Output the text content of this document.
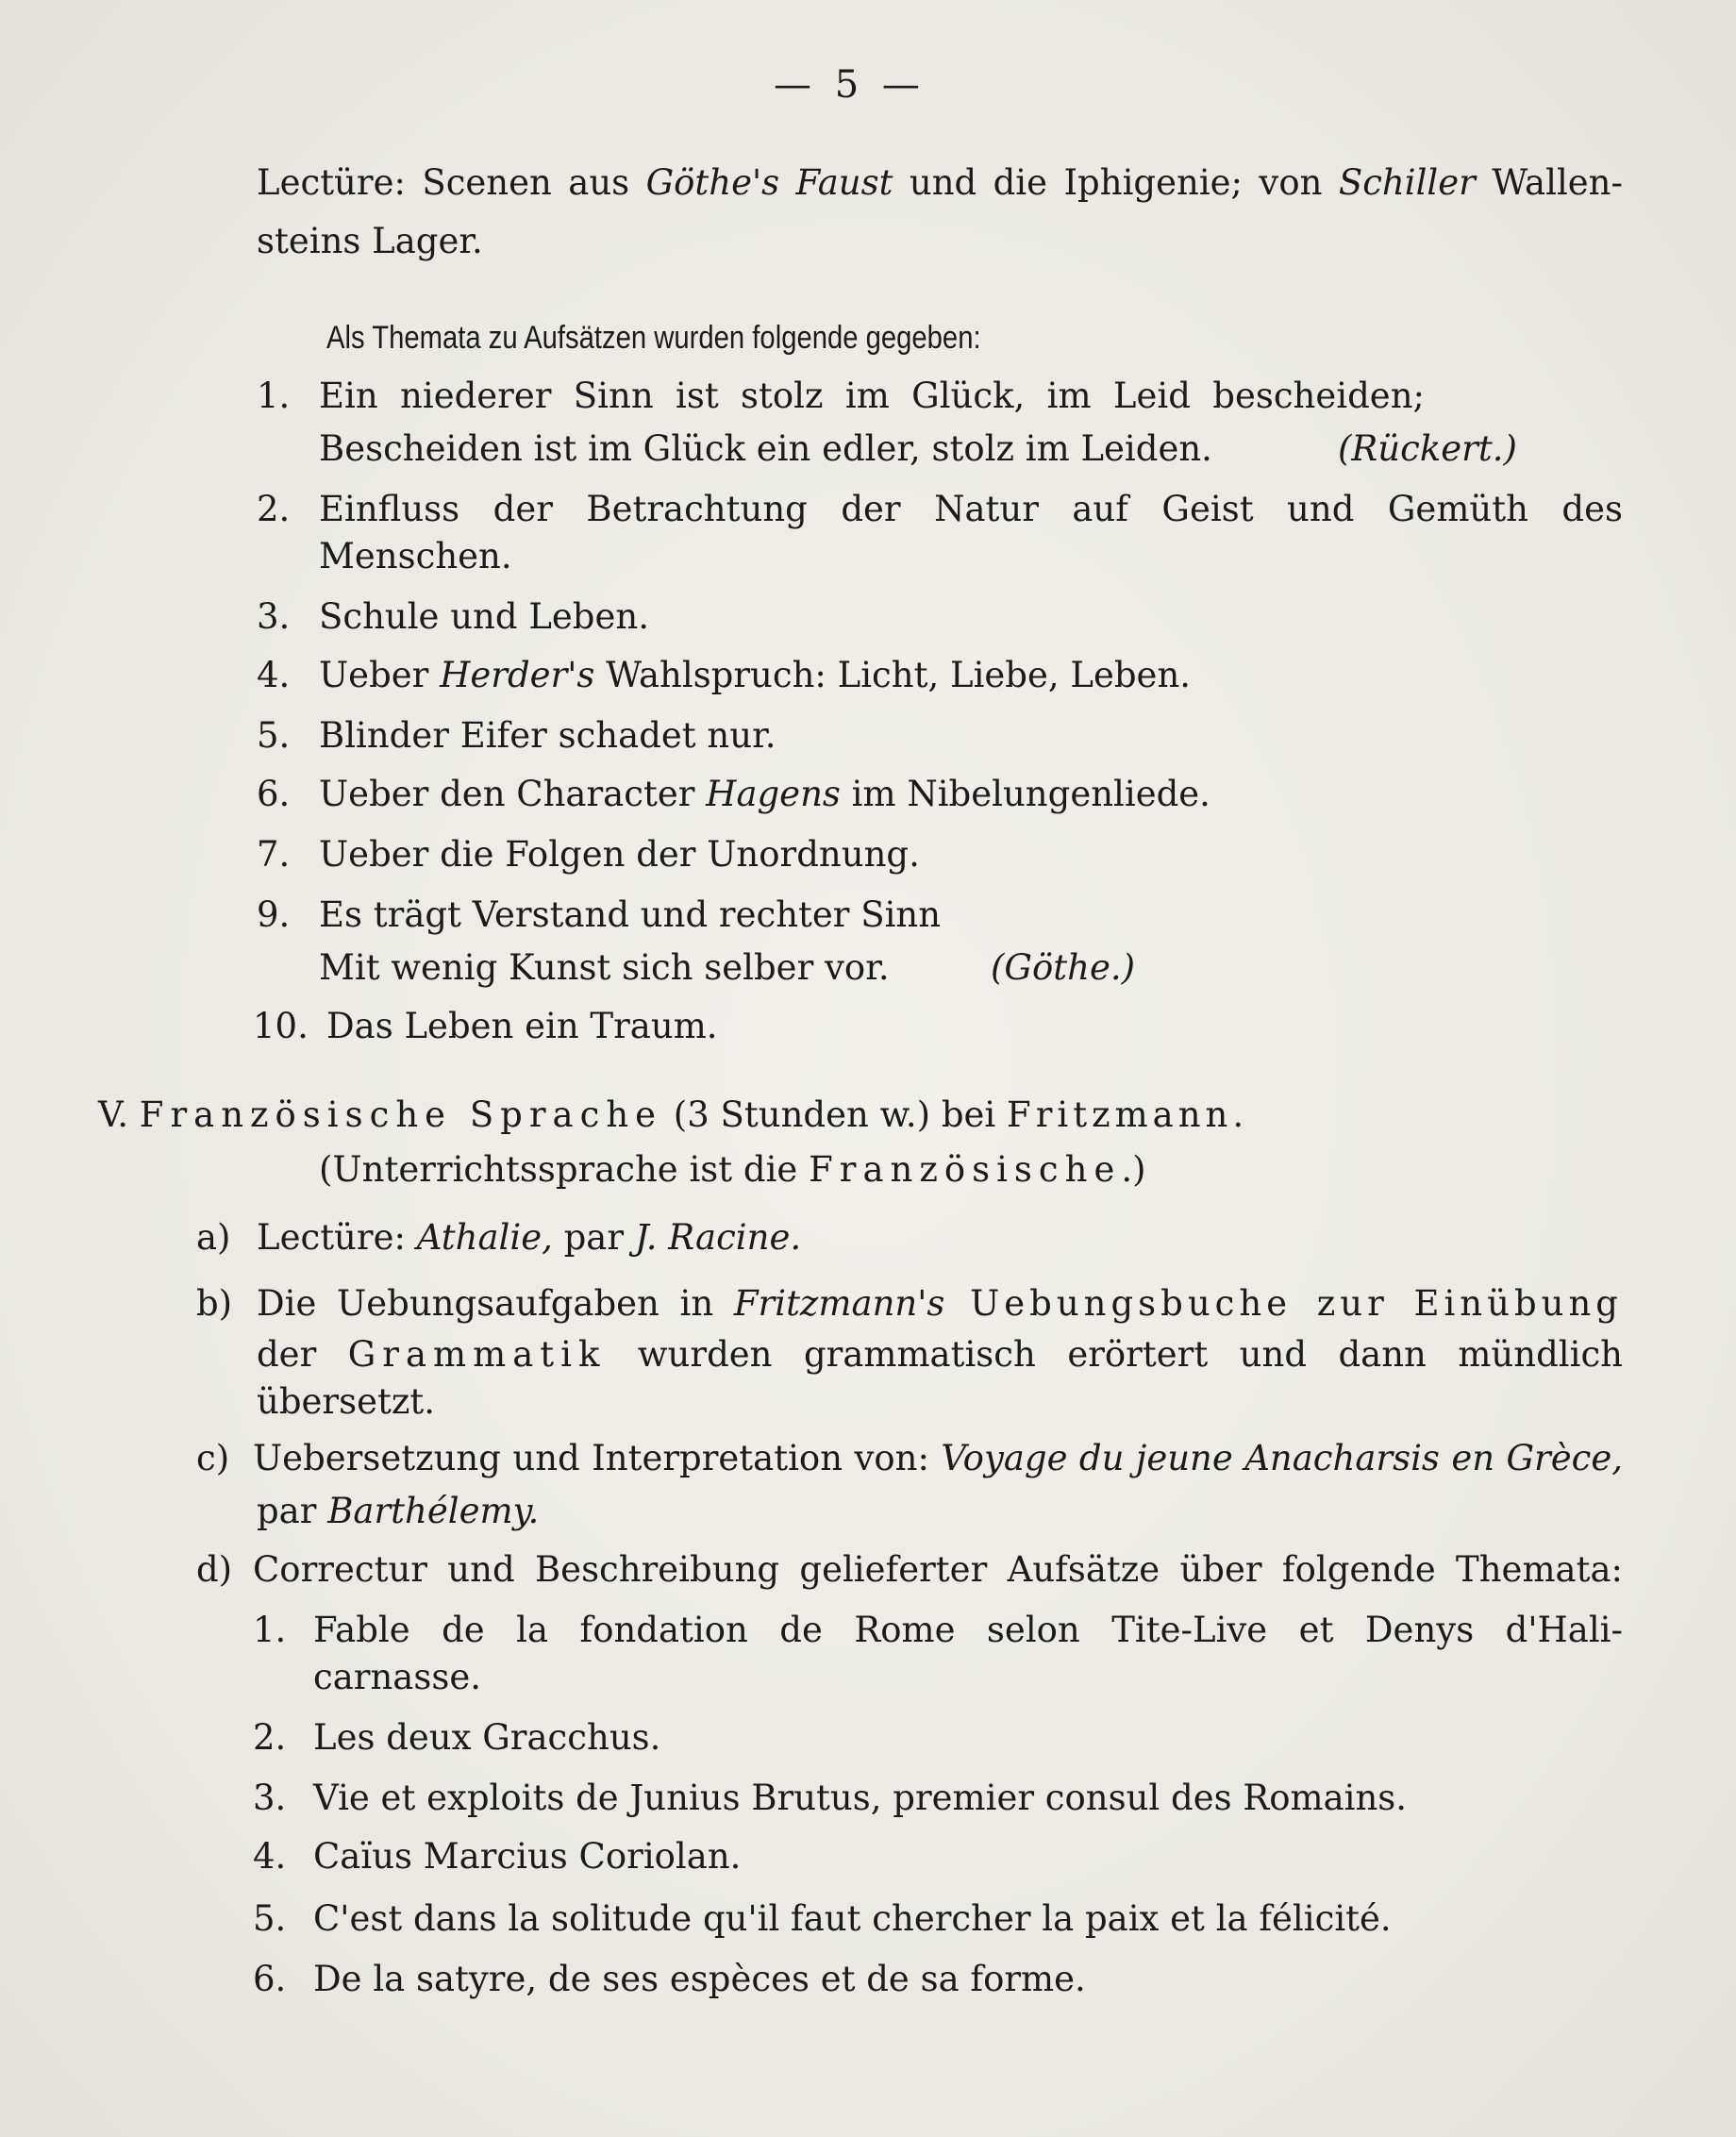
— 5 —
Lectüre: Scenen aus Göthe's Faust und die Iphigenie; von Schiller Wallen-
steins Lager.
Als Themata zu Aufsätzen wurden folgende gegeben:
1. Ein niederer Sinn ist stolz im Glück, im Leid bescheiden;
Bescheiden ist im Glück ein edler, stolz im Leiden.	(Rückert.)
2. Einfluss der Betrachtung der Natur auf Geist und Gemüth des
Menschen.
3. Schule und Leben.
4. Ueber Herder's Wahlspruch: Licht, Liebe, Leben.
5. Blinder Eifer schadet nur.
6. Ueber den Character Hagens im Nibelungenliede.
7. Ueber die Folgen der Unordnung.
9. Es trägt Verstand und rechter Sinn
Mit wenig Kunst sich selber vor.	(Göthe.)
10. Das Leben ein Traum.
V. Französische Sprache (3 Stunden w.) bei Fritzmann.
(Unterrichtssprache ist die Französische.)
a) Lectüre: Athalie, par J. Racine.
b) Die Uebungsaufgaben in Fritzmann's Uebungsbuche zur Einübung
der Grammatik wurden grammatisch erörtert und dann mündlich
übersetzt.
c) Uebersetzung und Interpretation von: Voyage du jeune Anacharsis en Grèce,
par Barthélemy.
d) Correctur und Beschreibung gelieferter Aufsätze über folgende Themata:
1. Fable de la fondation de Rome selon Tite-Live et Denys d'Hali-
carnasse.
2. Les deux Gracchus.
3. Vie et exploits de Junius Brutus, premier consul des Romains.
4. Caïus Marcius Coriolan.
5. C'est dans la solitude qu'il faut chercher la paix et la félicité.
6. De la satyre, de ses espèces et de sa forme.
